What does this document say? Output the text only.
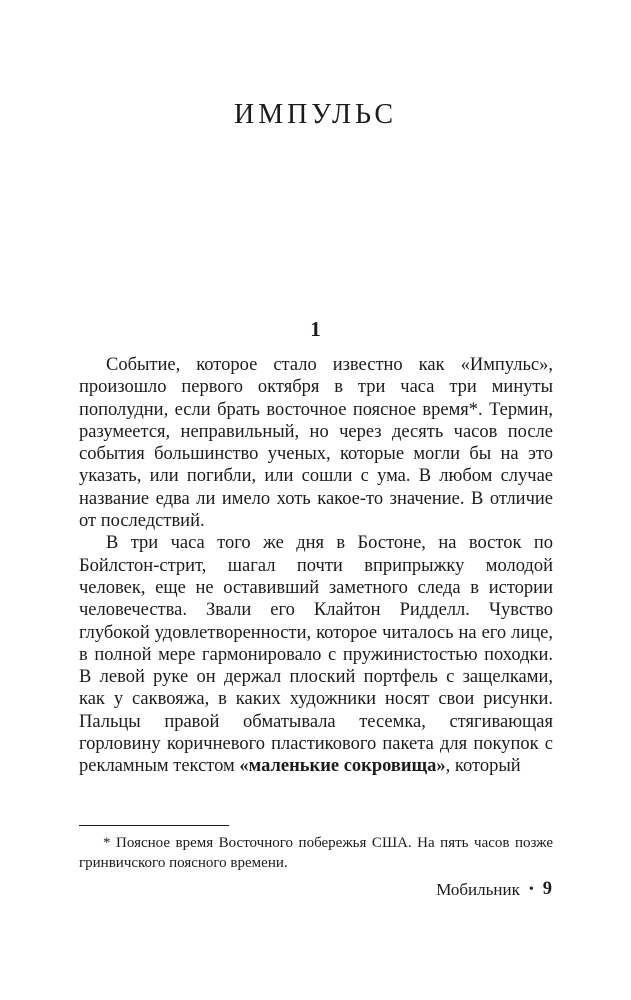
ИМПУЛЬС
1

Событие, которое стало известно как «Импульс», произошло первого октября в три часа три минуты пополудни, если брать восточное поясное время*. Термин, разумеется, неправильный, но через десять часов после события большинство ученых, которые могли бы на это указать, или погибли, или сошли с ума. В любом случае название едва ли имело хоть какое-то значение. В отличие от последствий.

В три часа того же дня в Бостоне, на восток по Бойлстон-стрит, шагал почти вприпрыжку молодой человек, еще не оставивший заметного следа в истории человечества. Звали его Клайтон Ридделл. Чувство глубокой удовлетворенности, которое читалось на его лице, в полной мере гармонировало с пружинистостью походки. В левой руке он держал плоский портфель с защелками, как у саквояжа, в каких художники носят свои рисунки. Пальцы правой обматывала тесемка, стягивающая горловину коричневого пластикового пакета для покупок с рекламным текстом «маленькие сокровища», который

* Поясное время Восточного побережья США. На пять часов позже гринвичского поясного времени.

Мобильник • 9
